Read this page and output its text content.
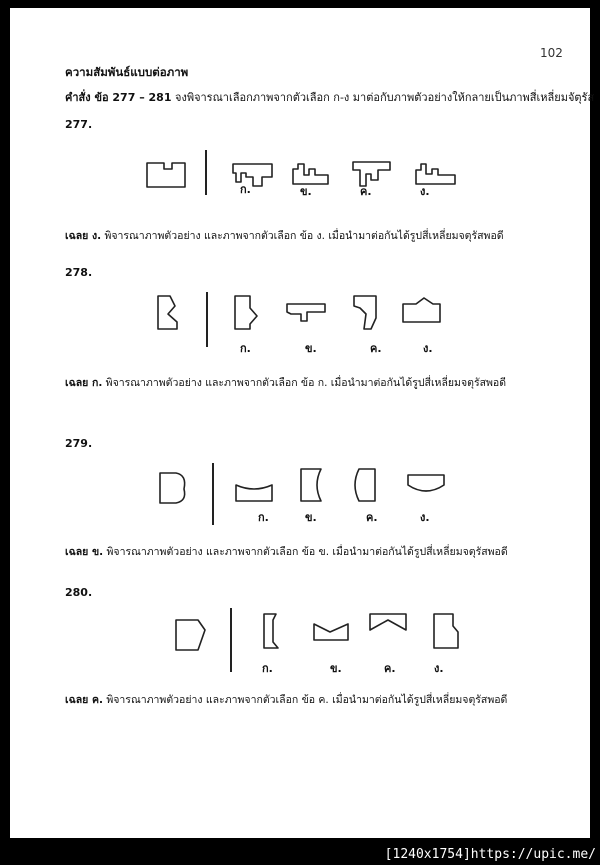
102
ความสัมพันธ์แบบต่อภาพ
คำสั่ง ข้อ 277 – 281 จงพิจารณาเลือกภาพจากตัวเลือก ก-ง มาต่อกับภาพตัวอย่างให้กลายเป็นภาพสี่เหลี่ยมจัตุรัส
277.
ก.	ข.	ค.	ง.
เฉลย ง. พิจารณาภาพตัวอย่าง และภาพจากตัวเลือก ข้อ ง. เมื่อนำมาต่อกันได้รูปสี่เหลี่ยมจตุรัสพอดี
278.
ก.	ข.	ค.	ง.
เฉลย ก. พิจารณาภาพตัวอย่าง และภาพจากตัวเลือก ข้อ ก. เมื่อนำมาต่อกันได้รูปสี่เหลี่ยมจตุรัสพอดี
279.
ก.	ข.	ค.	ง.
เฉลย ข. พิจารณาภาพตัวอย่าง และภาพจากตัวเลือก ข้อ ข. เมื่อนำมาต่อกันได้รูปสี่เหลี่ยมจตุรัสพอดี
280.
ก.	ข.	ค.	ง.
เฉลย ค. พิจารณาภาพตัวอย่าง และภาพจากตัวเลือก ข้อ ค. เมื่อนำมาต่อกันได้รูปสี่เหลี่ยมจตุรัสพอดี
[1240x1754]https://upic.me/
